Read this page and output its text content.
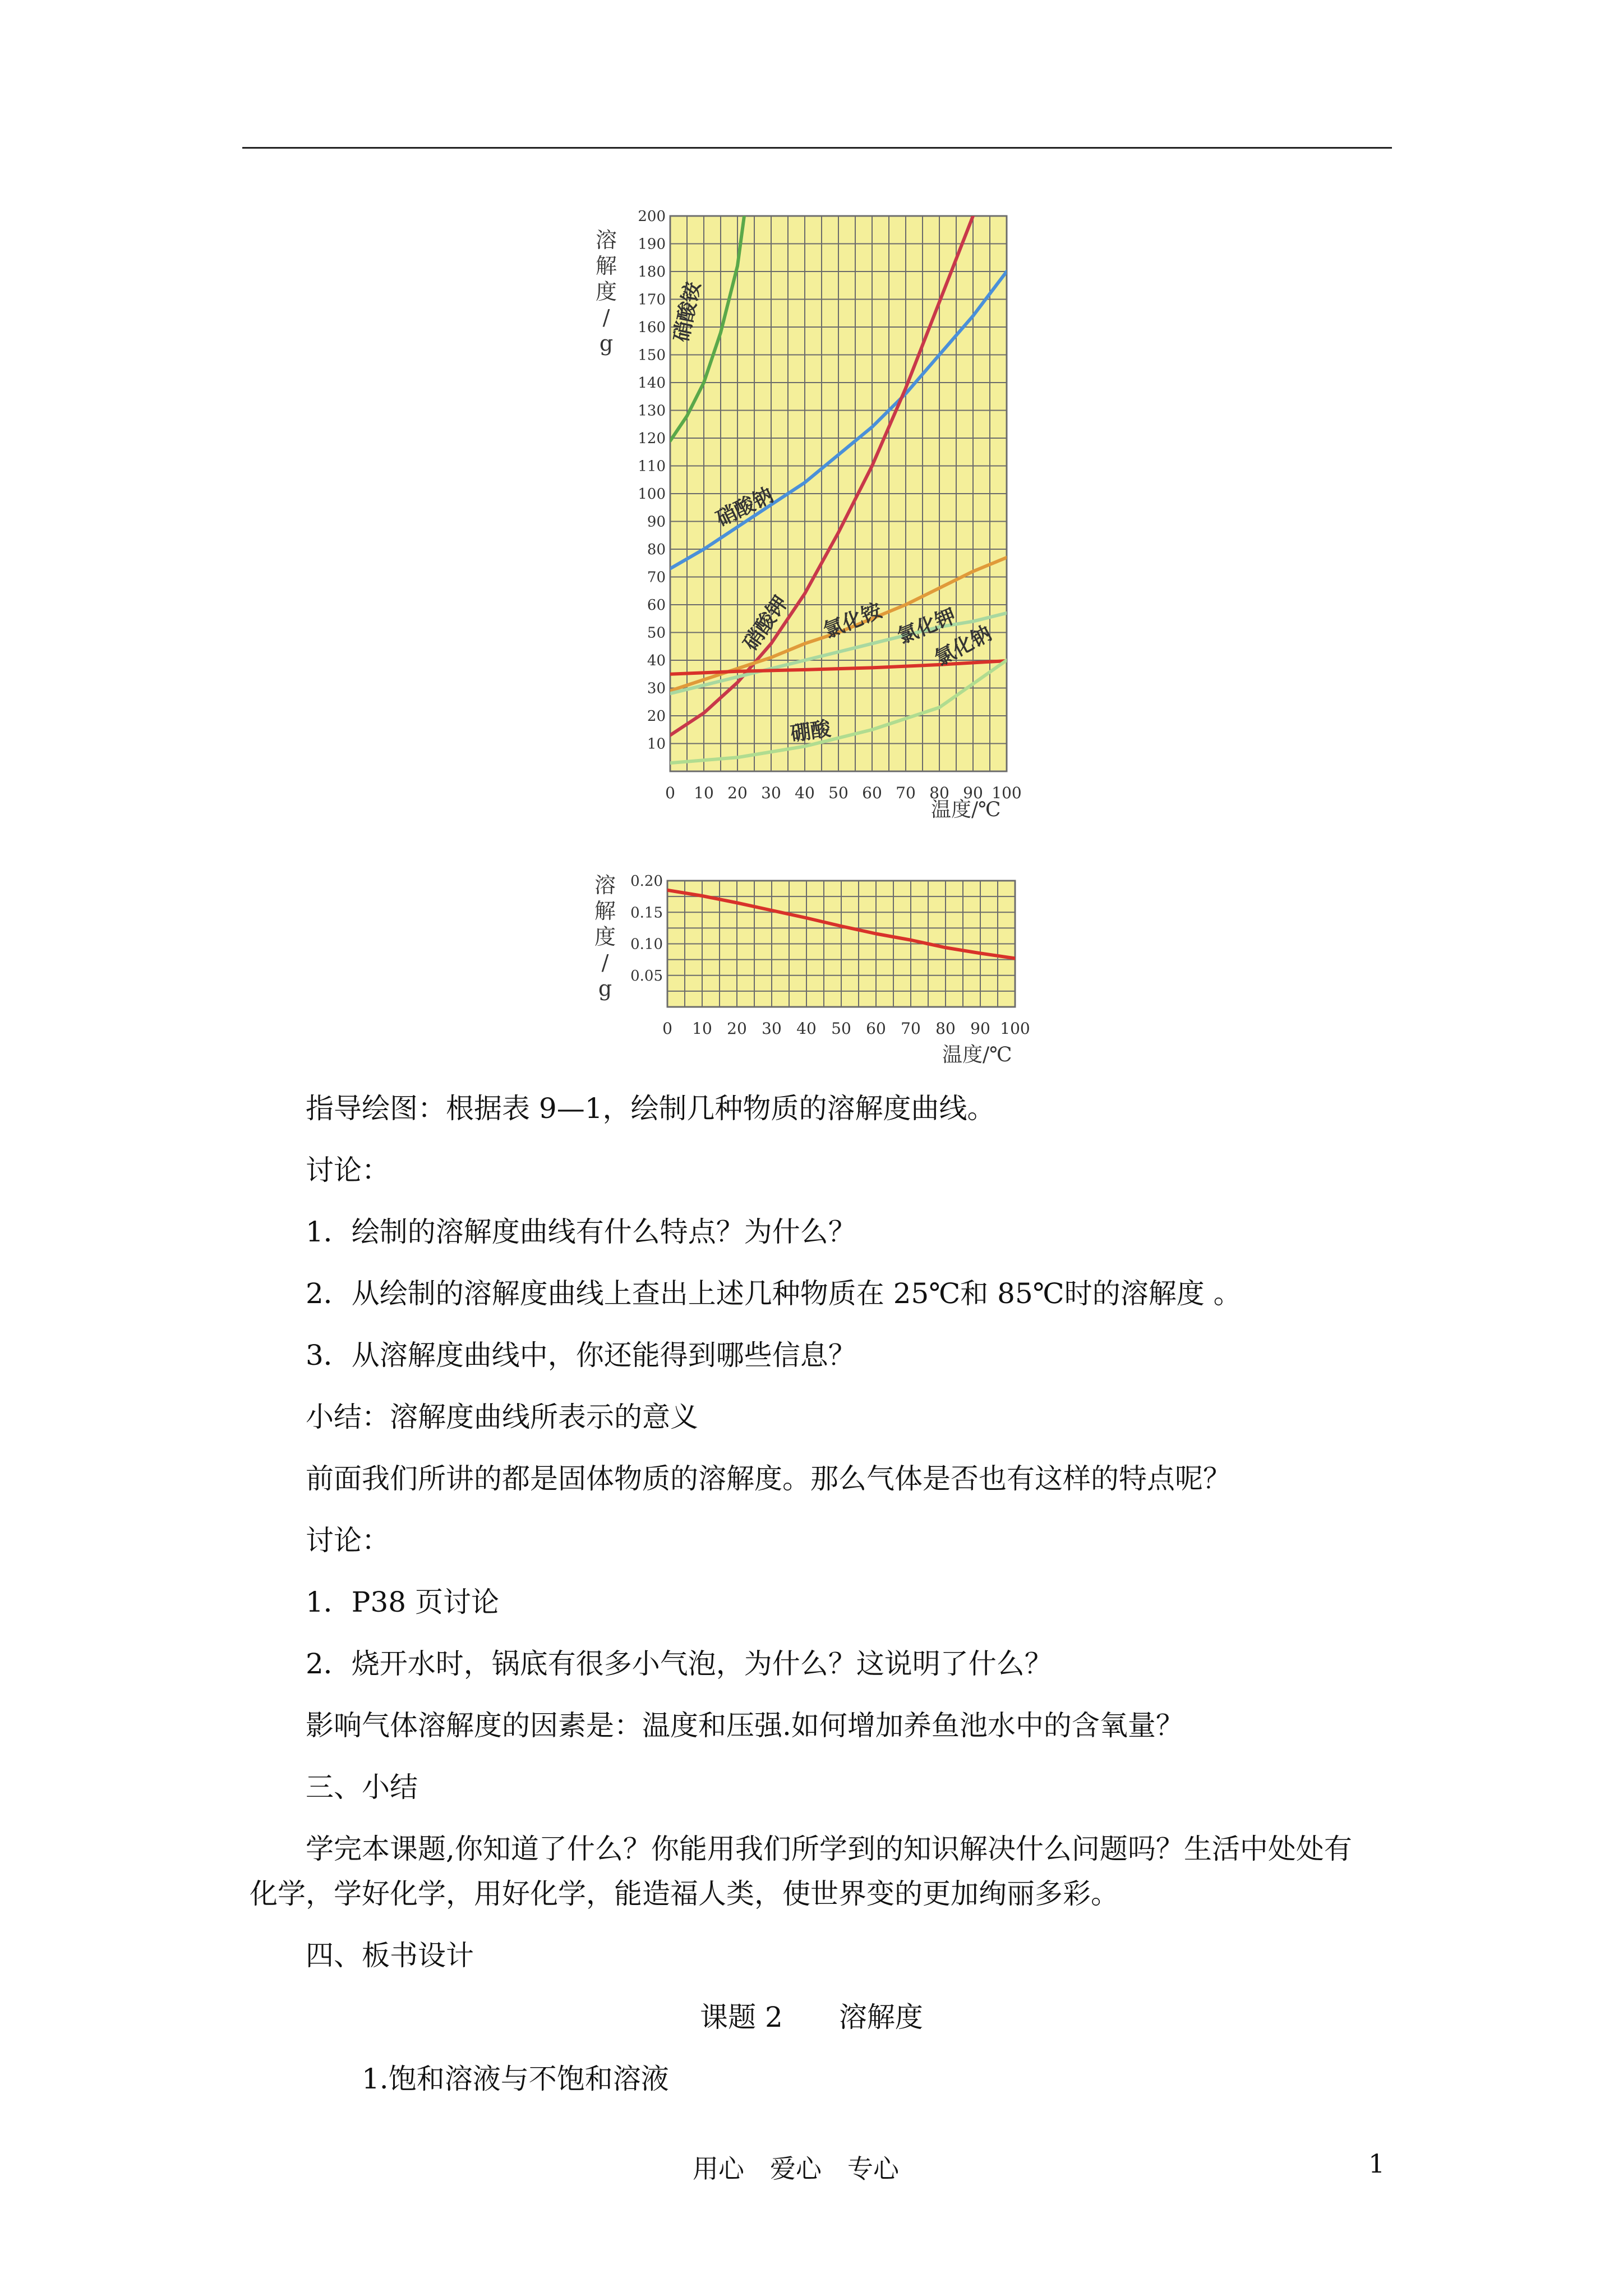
溶
解
度
/
g
0 10 20 30 40 50 60 70 80 90 100
10
20
30
40
50
60
70
80
90
100
110
120
130
140
150
160
170
180
190
200
硝酸铵
硝酸钠
硝酸钾 氯化铵 氯化钾
氯化钠
硼酸
温度/℃
溶
解
度
/
g
0 10 20 30 40 50 60 70 80 90 100
0.05
0.10
0.15
0.20
温度/℃
指导绘图：根据表 9—1，绘制几种物质的溶解度曲线。
讨论：
1．绘制的溶解度曲线有什么特点？为什么？
2．从绘制的溶解度曲线上查出上述几种物质在 25℃和 85℃时的溶解度 。
3．从溶解度曲线中，你还能得到哪些信息？
小结：溶解度曲线所表示的意义
前面我们所讲的都是固体物质的溶解度。那么气体是否也有这样的特点呢？
讨论：
1．P38 页讨论
2．烧开水时，锅底有很多小气泡，为什么？这说明了什么？
影响气体溶解度的因素是：温度和压强.如何增加养鱼池水中的含氧量？
三、小结
学完本课题,你知道了什么？你能用我们所学到的知识解决什么问题吗？生活中处处有
化学，学好化学，用好化学，能造福人类，使世界变的更加绚丽多彩。
四、板书设计
课题 2　　溶解度
1.饱和溶液与不饱和溶液
用心　爱心　专心	1
